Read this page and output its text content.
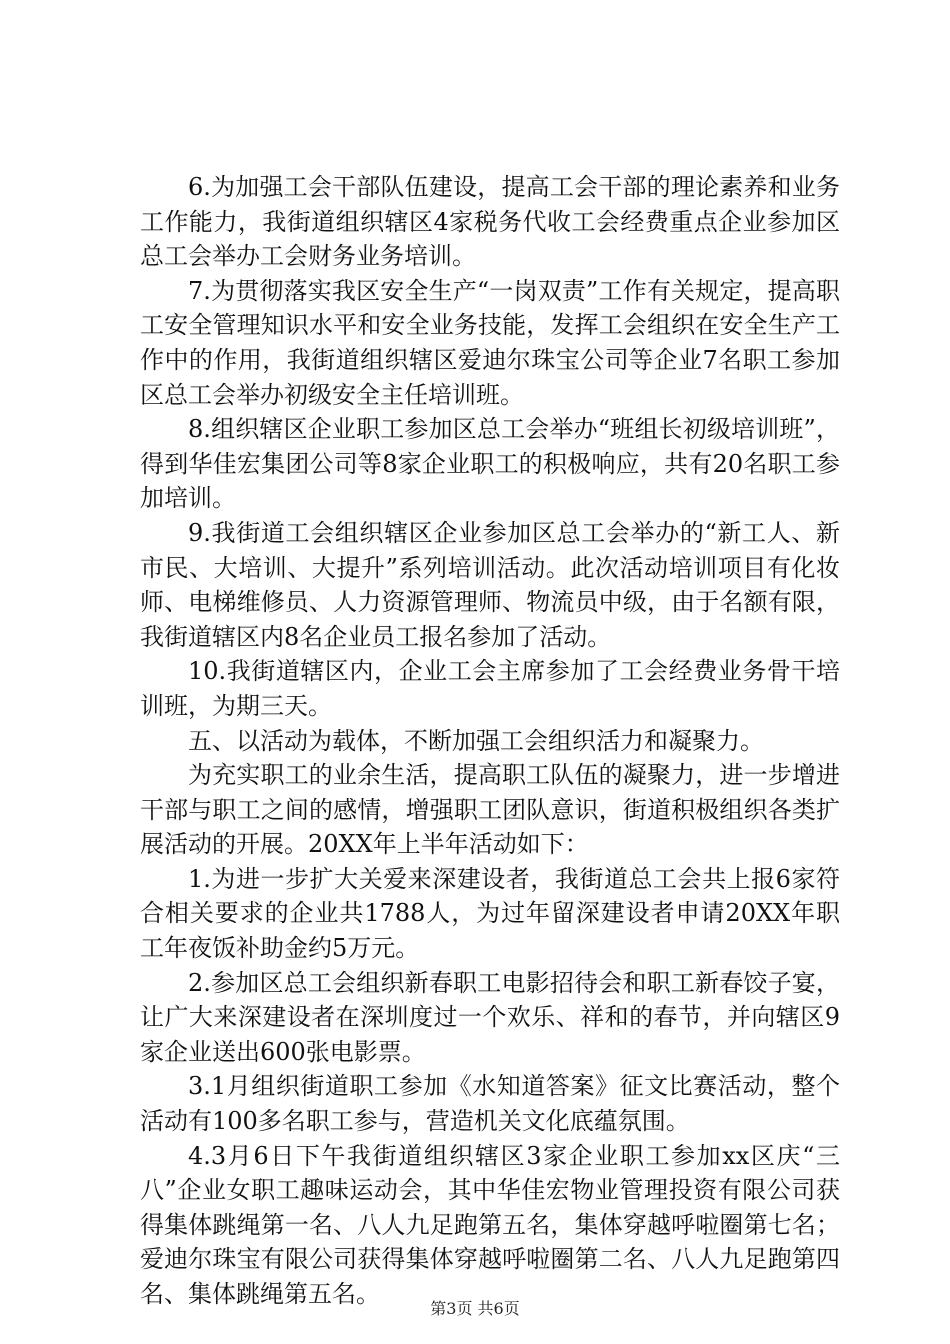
6.为加强工会干部队伍建设，提高工会干部的理论素养和业务工作能力，我街道组织辖区4家税务代收工会经费重点企业参加区总工会举办工会财务业务培训。

7.为贯彻落实我区安全生产“一岗双责”工作有关规定，提高职工安全管理知识水平和安全业务技能，发挥工会组织在安全生产工作中的作用，我街道组织辖区爱迪尔珠宝公司等企业7名职工参加区总工会举办初级安全主任培训班。

8.组织辖区企业职工参加区总工会举办“班组长初级培训班”，得到华佳宏集团公司等8家企业职工的积极响应，共有20名职工参加培训。

9.我街道工会组织辖区企业参加区总工会举办的“新工人、新市民、大培训、大提升”系列培训活动。此次活动培训项目有化妆师、电梯维修员、人力资源管理师、物流员中级，由于名额有限，我街道辖区内8名企业员工报名参加了活动。

10.我街道辖区内，企业工会主席参加了工会经费业务骨干培训班，为期三天。

五、以活动为载体，不断加强工会组织活力和凝聚力。

为充实职工的业余生活，提高职工队伍的凝聚力，进一步增进干部与职工之间的感情，增强职工团队意识，街道积极组织各类扩展活动的开展。20XX年上半年活动如下：

1.为进一步扩大关爱来深建设者，我街道总工会共上报6家符合相关要求的企业共1788人，为过年留深建设者申请20XX年职工年夜饭补助金约5万元。

2.参加区总工会组织新春职工电影招待会和职工新春饺子宴，让广大来深建设者在深圳度过一个欢乐、祥和的春节，并向辖区9家企业送出600张电影票。

3.1月组织街道职工参加《水知道答案》征文比赛活动，整个活动有100多名职工参与，营造机关文化底蕴氛围。

4.3月6日下午我街道组织辖区3家企业职工参加xx区庆“三八”企业女职工趣味运动会，其中华佳宏物业管理投资有限公司获得集体跳绳第一名、八人九足跑第五名，集体穿越呼啦圈第七名；爱迪尔珠宝有限公司获得集体穿越呼啦圈第二名、八人九足跑第四名、集体跳绳第五名。

第3页 共6页
